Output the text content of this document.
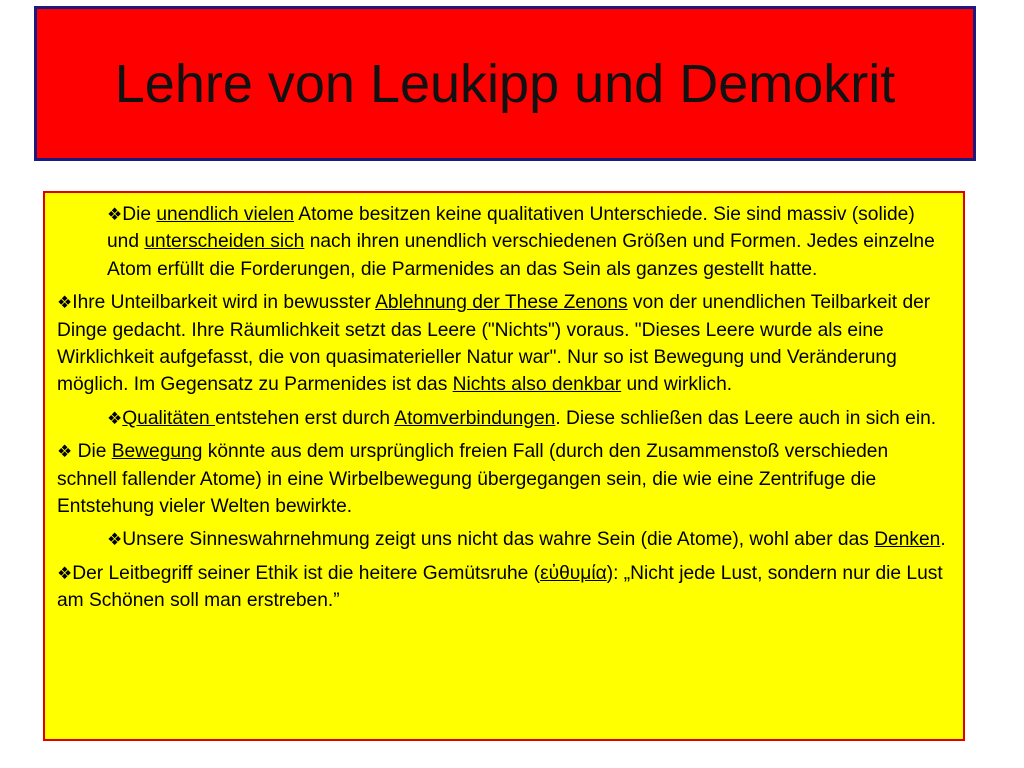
Lehre von Leukipp und Demokrit

❖Die unendlich vielen Atome besitzen keine qualitativen Unterschiede. Sie sind massiv (solide) und unterscheiden sich nach ihren unendlich verschiedenen Größen und Formen. Jedes einzelne Atom erfüllt die Forderungen, die Parmenides an das Sein als ganzes gestellt hatte.

❖Ihre Unteilbarkeit wird in bewusster Ablehnung der These Zenons von der unendlichen Teilbarkeit der Dinge gedacht. Ihre Räumlichkeit setzt das Leere ("Nichts") voraus. "Dieses Leere wurde als eine Wirklichkeit aufgefasst, die von quasimaterieller Natur war". Nur so ist Bewegung und Veränderung möglich. Im Gegensatz zu Parmenides ist das Nichts also denkbar und wirklich.

❖Qualitäten entstehen erst durch Atomverbindungen. Diese schließen das Leere auch in sich ein.

❖ Die Bewegung könnte aus dem ursprünglich freien Fall (durch den Zusammenstoß verschieden schnell fallender Atome) in eine Wirbelbewegung übergegangen sein, die wie eine Zentrifuge die Entstehung vieler Welten bewirkte.

❖Unsere Sinneswahrnehmung zeigt uns nicht das wahre Sein (die Atome), wohl aber das Denken.

❖Der Leitbegriff seiner Ethik ist die heitere Gemütsruhe (εὐθυμία): „Nicht jede Lust, sondern nur die Lust am Schönen soll man erstreben.”
